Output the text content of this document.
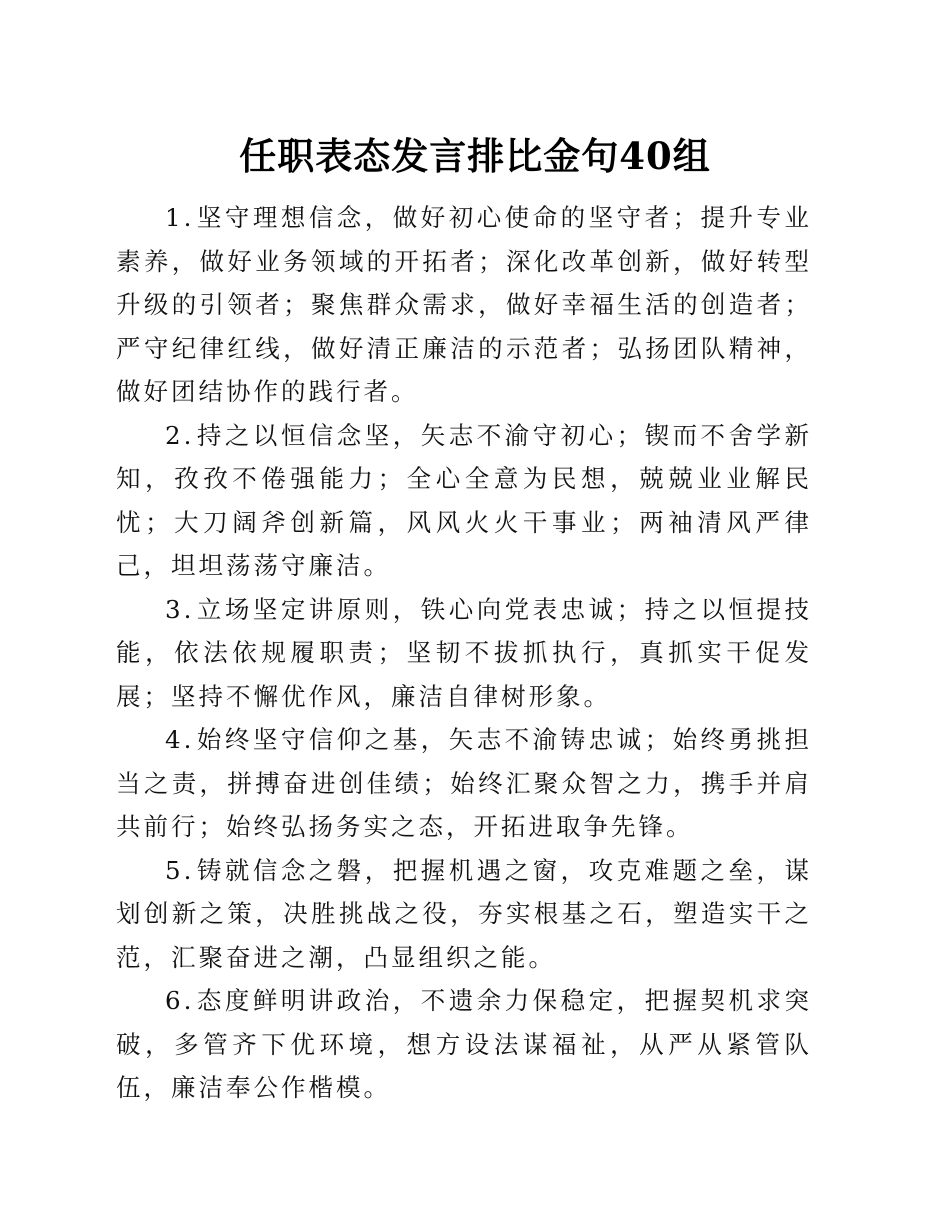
任职表态发言排比金句40组

1.坚守理想信念，做好初心使命的坚守者；提升专业素养，做好业务领域的开拓者；深化改革创新，做好转型升级的引领者；聚焦群众需求，做好幸福生活的创造者；严守纪律红线，做好清正廉洁的示范者；弘扬团队精神，做好团结协作的践行者。

2.持之以恒信念坚，矢志不渝守初心；锲而不舍学新知，孜孜不倦强能力；全心全意为民想，兢兢业业解民忧；大刀阔斧创新篇，风风火火干事业；两袖清风严律己，坦坦荡荡守廉洁。

3.立场坚定讲原则，铁心向党表忠诚；持之以恒提技能，依法依规履职责；坚韧不拔抓执行，真抓实干促发展；坚持不懈优作风，廉洁自律树形象。

4.始终坚守信仰之基，矢志不渝铸忠诚；始终勇挑担当之责，拼搏奋进创佳绩；始终汇聚众智之力，携手并肩共前行；始终弘扬务实之态，开拓进取争先锋。

5.铸就信念之磐，把握机遇之窗，攻克难题之垒，谋划创新之策，决胜挑战之役，夯实根基之石，塑造实干之范，汇聚奋进之潮，凸显组织之能。

6.态度鲜明讲政治，不遗余力保稳定，把握契机求突破，多管齐下优环境，想方设法谋福祉，从严从紧管队伍，廉洁奉公作楷模。
